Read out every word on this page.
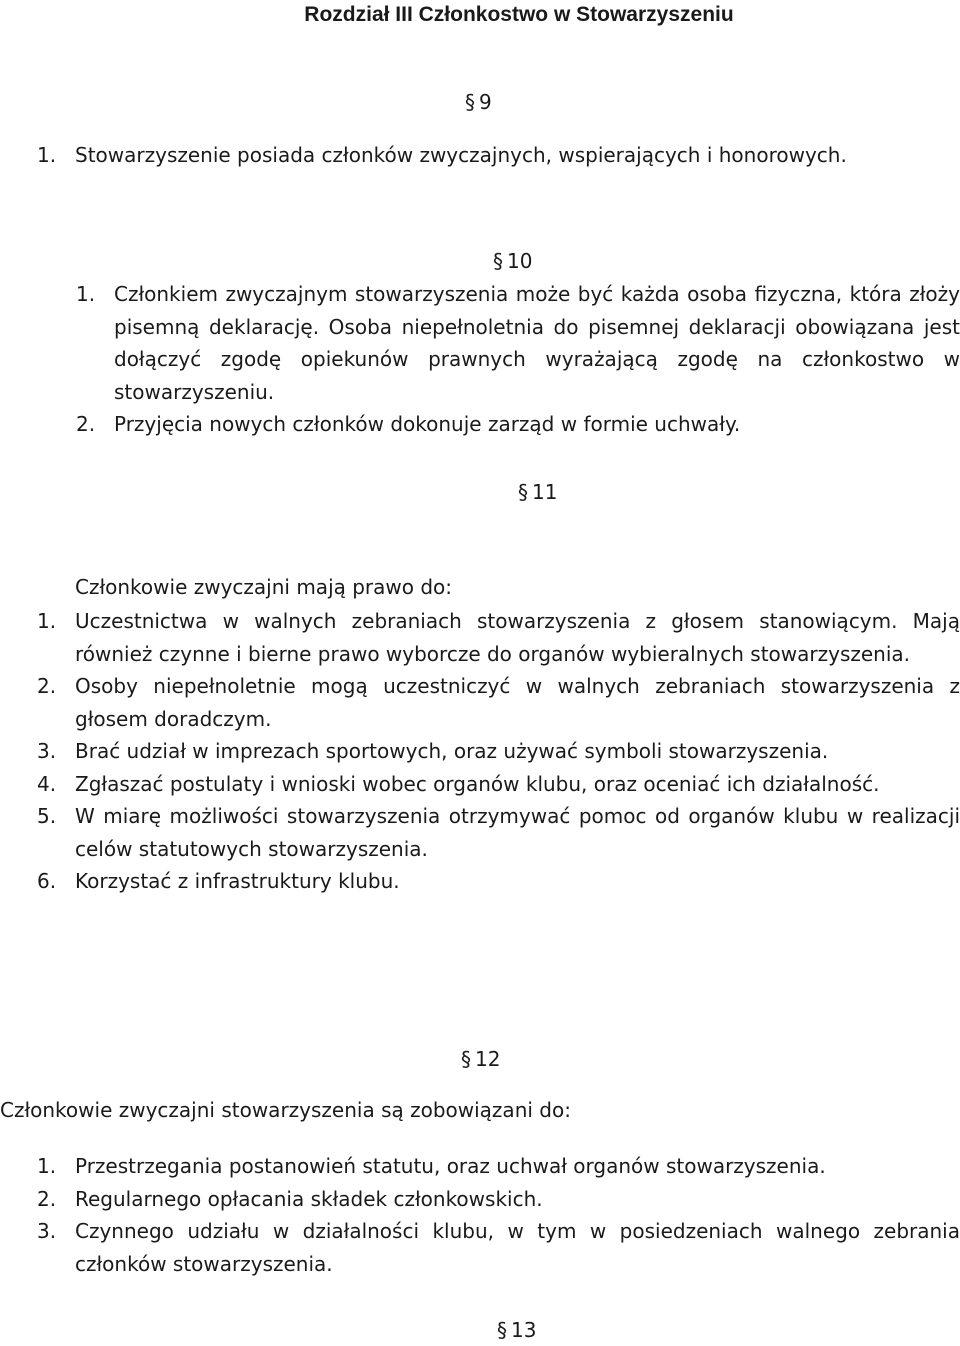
Rozdział III Członkostwo w Stowarzyszeniu
§ 9
1. Stowarzyszenie posiada członków zwyczajnych, wspierających i honorowych.
§ 10
1. Członkiem zwyczajnym stowarzyszenia może być każda osoba fizyczna, która złoży pisemną deklarację. Osoba niepełnoletnia do pisemnej deklaracji obowiązana jest dołączyć zgodę opiekunów prawnych wyrażającą zgodę na członkostwo w stowarzyszeniu.
2. Przyjęcia nowych członków dokonuje zarząd w formie uchwały.
§ 11
Członkowie zwyczajni mają prawo do:
1. Uczestnictwa w walnych zebraniach stowarzyszenia z głosem stanowiącym. Mają również czynne i bierne prawo wyborcze do organów wybieralnych stowarzyszenia.
2. Osoby niepełnoletnie mogą uczestniczyć w walnych zebraniach stowarzyszenia z głosem doradczym.
3. Brać udział w imprezach sportowych, oraz używać symboli stowarzyszenia.
4. Zgłaszać postulaty i wnioski wobec organów klubu, oraz oceniać ich działalność.
5. W miarę możliwości stowarzyszenia otrzymywać pomoc od organów klubu w realizacji celów statutowych stowarzyszenia.
6. Korzystać z infrastruktury klubu.
§ 12
Członkowie zwyczajni stowarzyszenia są zobowiązani do:
1. Przestrzegania postanowień statutu, oraz uchwał organów stowarzyszenia.
2. Regularnego opłacania składek członkowskich.
3. Czynnego udziału w działalności klubu, w tym w posiedzeniach walnego zebrania członków stowarzyszenia.
§ 13
